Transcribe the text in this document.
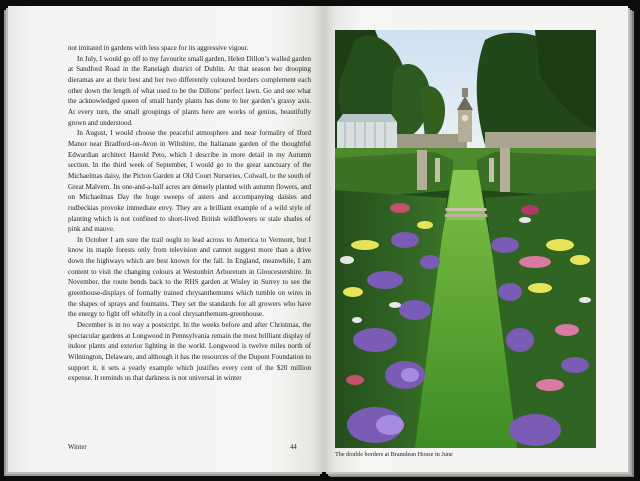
not imitated in gardens with less space for its aggressive vigour.

In July, I would go off to my favourite small garden, Helen Dillon’s walled garden at Sandford Road in the Ranelagh district of Dublin. At that season her drooping dieramas are at their best and her two differently coloured borders complement each other down the length of what used to be the Dillons’ perfect lawn. Go and see what the acknowledged queen of small hardy plants has done to her garden’s grassy axis. At every turn, the small groupings of plants here are works of genius, beautifully grown and understood.

In August, I would choose the peaceful atmosphere and near formality of Iford Manor near Bradford-on-Avon in Wiltshire, the Italianate garden of the thoughtful Edwardian architect Harold Peto, which I describe in more detail in my Autumn section. In the third week of September, I would go to the great sanctuary of the Michaelmas daisy, the Picton Garden at Old Court Nurseries, Colwall, to the south of Great Malvern. Its one-and-a-half acres are densely planted with autumn flowers, and on Michaelmas Day the huge sweeps of asters and accompanying daisies and rudbeckias provoke immediate envy. They are a brilliant example of a wild style of planting which is not confined to short-lived British wildflowers or stale shades of pink and mauve.

In October I am sure the trail ought to lead across to America to Vermont, but I know its maple forests only from television and cannot suggest more than a drive down the highways which are best known for the fall. In England, meanwhile, I am content to visit the changing colours at Westonbirt Arboretum in Gloucestershire. In November, the route bends back to the RHS garden at Wisley in Surrey to see the greenhouse-displays of formally trained chrysanthemums which tumble on wires in the shapes of sprays and fountains. They set the standards for all growers who have the energy to fight off whitefly in a cool chrysanthemum-greenhouse.

December is in no way a postscript. In the weeks before and after Christmas, the spectacular gardens at Longwood in Pennsylvania remain the most brilliant display of indoor plants and exterior lighting in the world. Longwood is twelve miles north of Wilmington, Delaware, and although it has the resources of the Dupont Foundation to support it, it sets a yearly example which justifies every cent of the $20 million expense. It reminds us that darkness is not universal in winter

Winter	44
The double borders at Bramdean House in June
